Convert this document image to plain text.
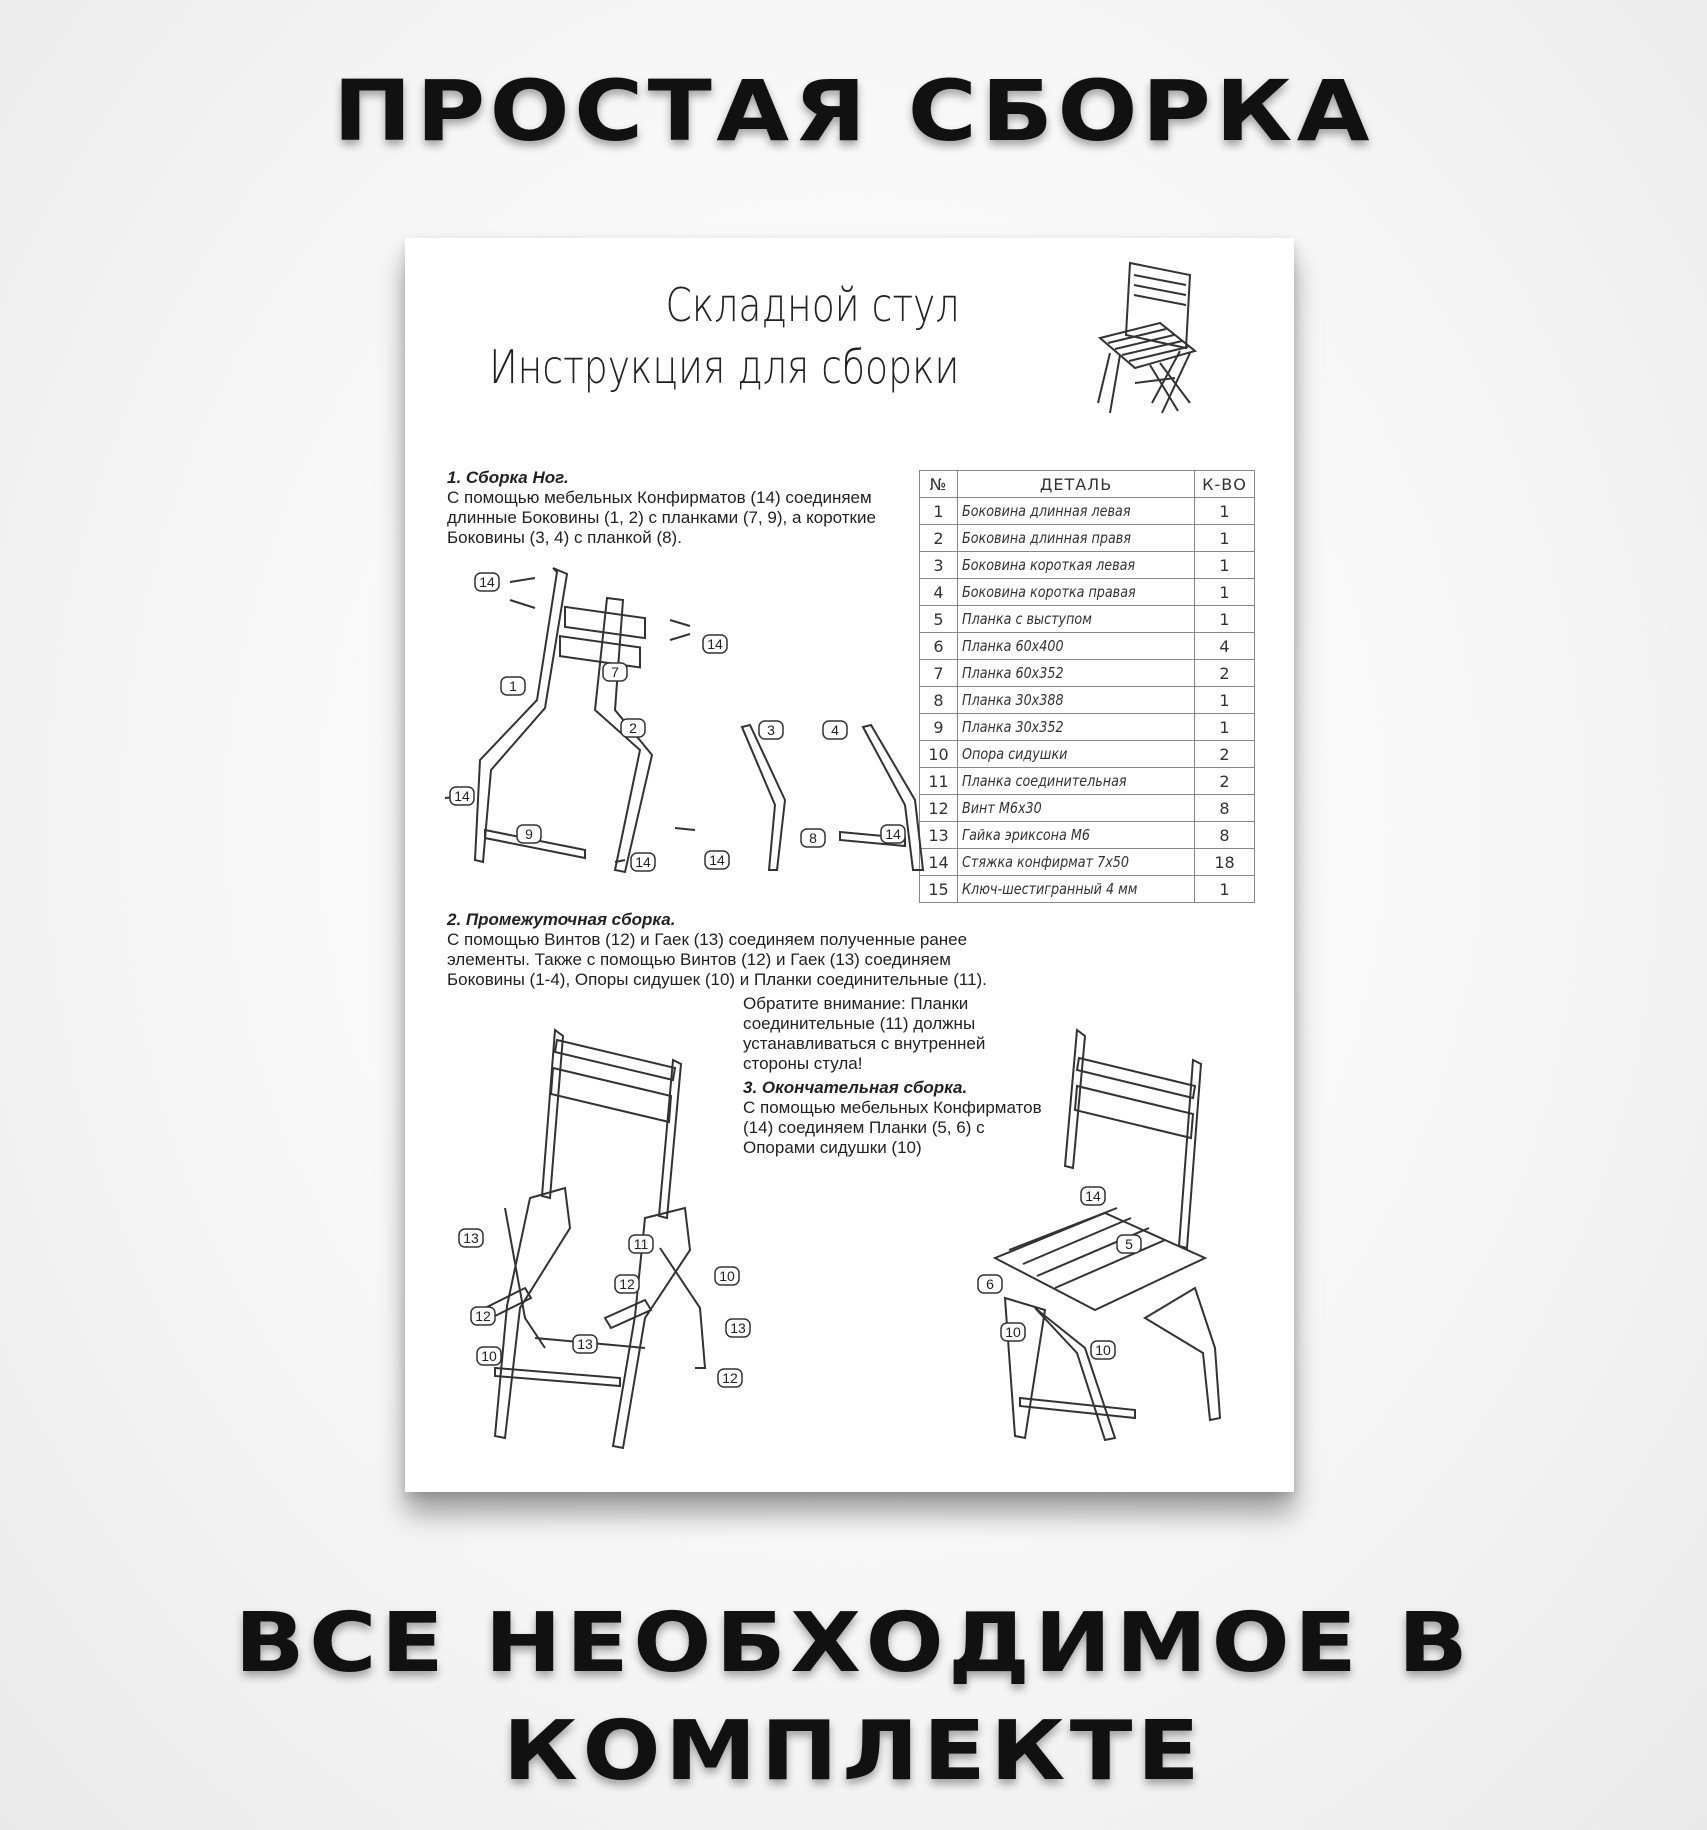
ПРОСТАЯ СБОРКА
Складной стул
Инструкция для сборки
1. Сборка Ног.

С помощью мебельных Конфирматов (14) соединяем
длинные Боковины (1, 2) с планками (7, 9), а короткие
Боковины (3, 4) с планкой (8).

№	ДЕТАЛЬ	К-ВО
1	Боковина длинная левая	1
2	Боковина длинная правя	1
3	Боковина короткая левая	1
4	Боковина коротка правая	1
5	Планка с выступом	1
6	Планка 60х400	4
7	Планка 60х352	2
8	Планка 30х388	1
9	Планка 30х352	1
10	Опора сидушки	2
11	Планка соединительная	2
12	Винт М6х30	8
13	Гайка эриксона М6	8
14	Стяжка конфирмат 7х50	18
15	Ключ-шестигранный 4 мм	1
14
7
14
1
2	3	4
14
9
14
8	14
14
2. Промежуточная сборка.

С помощью Винтов (12) и Гаек (13) соединяем полученные ранее
элементы. Также с помощью Винтов (12) и Гаек (13) соединяем
Боковины (1-4), Опоры сидушек (10) и Планки соединительные (11).

Обратите внимание: Планки
соединительные (11) должны
устанавливаться с внутренней
стороны стула!

3. Окончательная сборка.

С помощью мебельных Конфирматов
(14) соединяем Планки (5, 6) с
Опорами сидушки (10)

13	11
12
12	10
10
13
13
12
14
5
6
10
10
ВСЕ НЕОБХОДИМОЕ В
КОМПЛЕКТЕ
